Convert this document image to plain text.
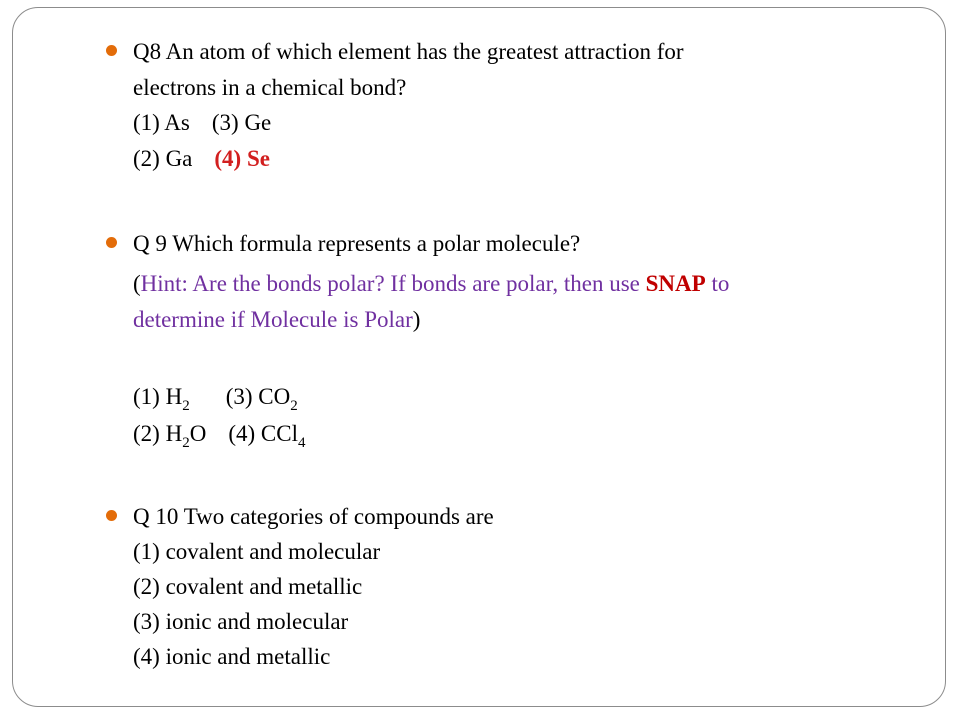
Q8 An atom of which element has the greatest attraction for
electrons in a chemical bond?
(1) As (3) Ge
(2) Ga (4) Se
Q 9 Which formula represents a polar molecule?
(Hint: Are the bonds polar? If bonds are polar, then use SNAP to
determine if Molecule is Polar)
(1) $H_2$ (3) $CO_2$
(2) $H_2O$ (4) CCl$_4$
Q 10 Two categories of compounds are
(1) covalent and molecular
(2) covalent and metallic
(3) ionic and molecular
(4) ionic and metallic
